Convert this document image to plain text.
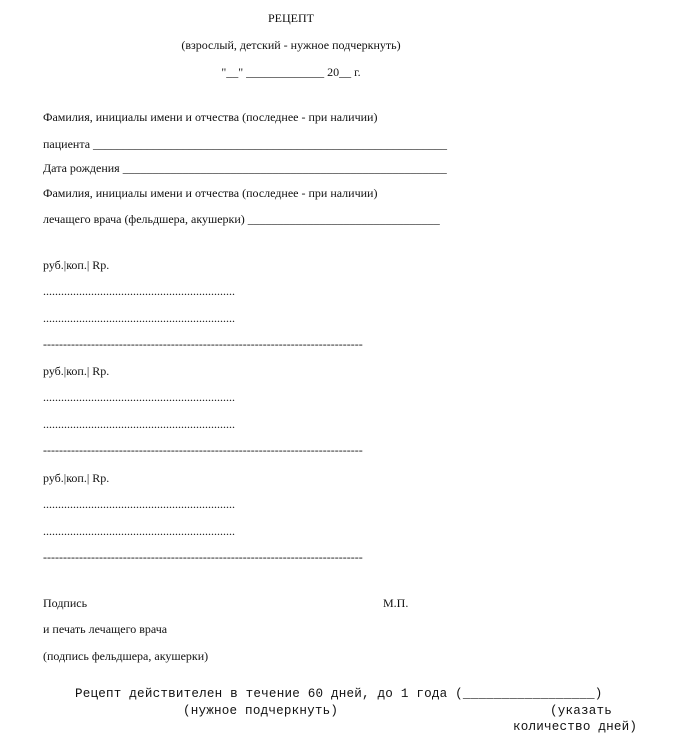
РЕЦЕПТ
(взрослый, детский - нужное подчеркнуть)
"__" _____________ 20__ г.
Фамилия, инициалы имени и отчества (последнее - при наличии)
пациента ___________________________________________________________
Дата рождения ______________________________________________________
Фамилия, инициалы имени и отчества (последнее - при наличии)
лечащего врача (фельдшера, акушерки) ________________________________
руб.|коп.| Rp.
................................................................
................................................................
--------------------------------------------------------------------------------
руб.|коп.| Rp.
................................................................
................................................................
--------------------------------------------------------------------------------
руб.|коп.| Rp.
................................................................
................................................................
--------------------------------------------------------------------------------
Подпись	М.П.
и печать лечащего врача
(подпись фельдшера, акушерки)
Рецепт действителен в течение 60 дней, до 1 года (_________________)
(нужное подчеркнуть)	(указать
количество дней)
